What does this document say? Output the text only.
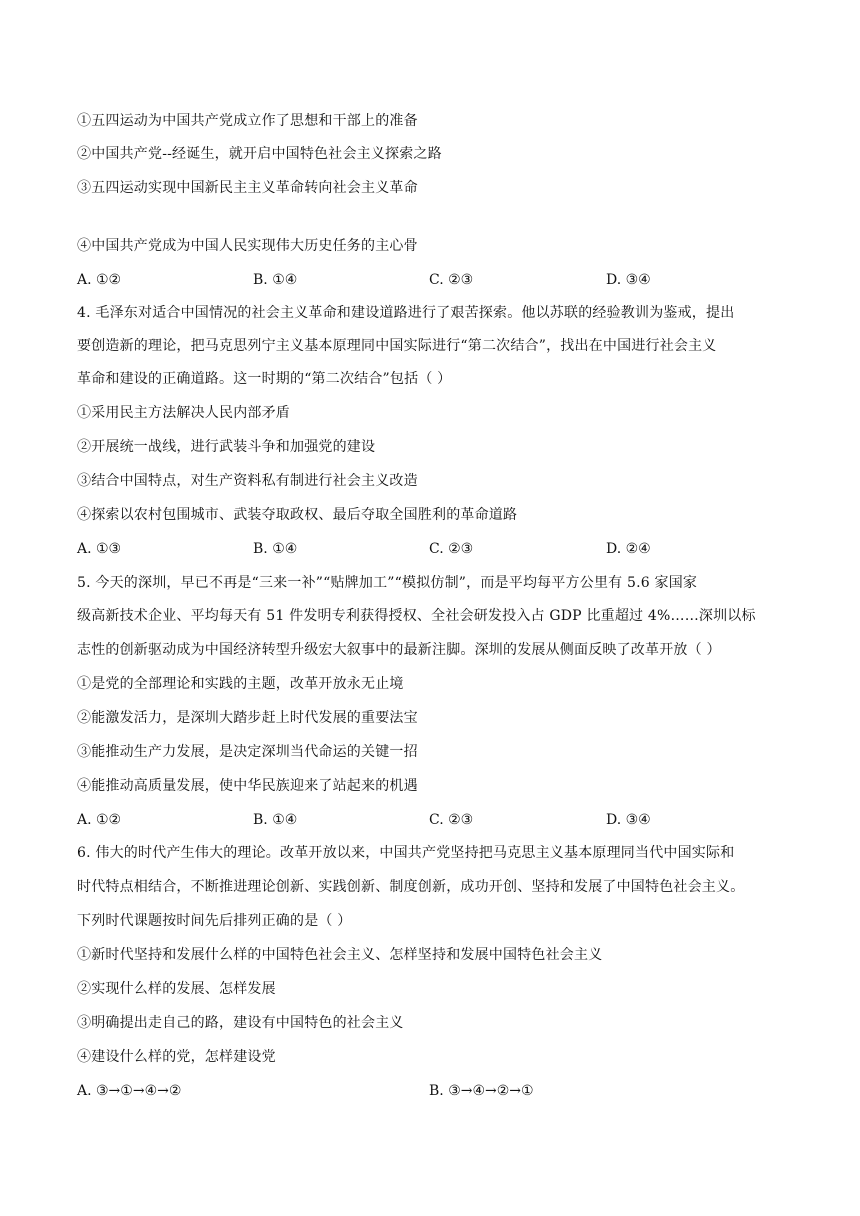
①五四运动为中国共产党成立作了思想和干部上的准备
②中国共产党--经诞生，就开启中国特色社会主义探索之路
③五四运动实现中国新民主主义革命转向社会主义革命
④中国共产党成为中国人民实现伟大历史任务的主心骨
A. ①②	B. ①④	C. ②③	D. ③④
4. 毛泽东对适合中国情况的社会主义革命和建设道路进行了艰苦探索。他以苏联的经验教训为鉴戒，提出
要创造新的理论，把马克思列宁主义基本原理同中国实际进行“第二次结合”，找出在中国进行社会主义
革命和建设的正确道路。这一时期的“第二次结合”包括（ ）
①采用民主方法解决人民内部矛盾
②开展统一战线，进行武装斗争和加强党的建设
③结合中国特点，对生产资料私有制进行社会主义改造
④探索以农村包围城市、武装夺取政权、最后夺取全国胜利的革命道路
A. ①③	B. ①④	C. ②③	D. ②④
5. 今天的深圳，早已不再是“三来一补”“贴牌加工”“模拟仿制”，而是平均每平方公里有 5.6 家国家
级高新技术企业、平均每天有 51 件发明专利获得授权、全社会研发投入占 GDP 比重超过 4%……深圳以标
志性的创新驱动成为中国经济转型升级宏大叙事中的最新注脚。深圳的发展从侧面反映了改革开放（ ）
①是党的全部理论和实践的主题，改革开放永无止境
②能激发活力，是深圳大踏步赶上时代发展的重要法宝
③能推动生产力发展，是决定深圳当代命运的关键一招
④能推动高质量发展，使中华民族迎来了站起来的机遇
A. ①②	B. ①④	C. ②③	D. ③④
6. 伟大的时代产生伟大的理论。改革开放以来，中国共产党坚持把马克思主义基本原理同当代中国实际和
时代特点相结合，不断推进理论创新、实践创新、制度创新，成功开创、坚持和发展了中国特色社会主义。
下列时代课题按时间先后排列正确的是（ ）
①新时代坚持和发展什么样的中国特色社会主义、怎样坚持和发展中国特色社会主义
②实现什么样的发展、怎样发展
③明确提出走自己的路，建设有中国特色的社会主义
④建设什么样的党，怎样建设党
A. ③→①→④→②	B. ③→④→②→①
